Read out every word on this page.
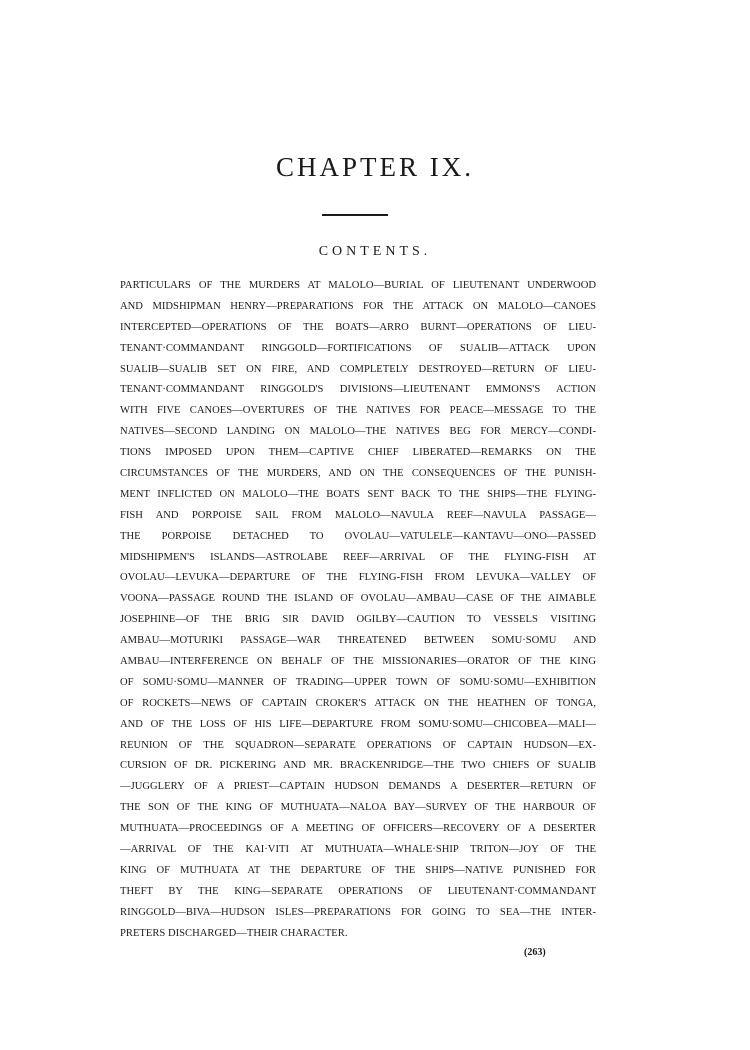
CHAPTER IX.
CONTENTS.
PARTICULARS OF THE MURDERS AT MALOLO—BURIAL OF LIEUTENANT UNDERWOOD
AND MIDSHIPMAN HENRY—PREPARATIONS FOR THE ATTACK ON MALOLO—CANOES
INTERCEPTED—OPERATIONS OF THE BOATS—ARRO BURNT—OPERATIONS OF LIEU-
TENANT·COMMANDANT RINGGOLD—FORTIFICATIONS OF SUALIB—ATTACK UPON
SUALIB—SUALIB SET ON FIRE, AND COMPLETELY DESTROYED—RETURN OF LIEU-
TENANT·COMMANDANT RINGGOLD'S DIVISIONS—LIEUTENANT EMMONS'S ACTION
WITH FIVE CANOES—OVERTURES OF THE NATIVES FOR PEACE—MESSAGE TO THE
NATIVES—SECOND LANDING ON MALOLO—THE NATIVES BEG FOR MERCY—CONDI-
TIONS IMPOSED UPON THEM—CAPTIVE CHIEF LIBERATED—REMARKS ON THE
CIRCUMSTANCES OF THE MURDERS, AND ON THE CONSEQUENCES OF THE PUNISH-
MENT INFLICTED ON MALOLO—THE BOATS SENT BACK TO THE SHIPS—THE FLYING-
FISH AND PORPOISE SAIL FROM MALOLO—NAVULA REEF—NAVULA PASSAGE—
THE PORPOISE DETACHED TO OVOLAU—VATULELE—KANTAVU—ONO—PASSED
MIDSHIPMEN'S ISLANDS—ASTROLABE REEF—ARRIVAL OF THE FLYING-FISH AT
OVOLAU—LEVUKA—DEPARTURE OF THE FLYING-FISH FROM LEVUKA—VALLEY OF
VOONA—PASSAGE ROUND THE ISLAND OF OVOLAU—AMBAU—CASE OF THE AIMABLE
JOSEPHINE—OF THE BRIG SIR DAVID OGILBY—CAUTION TO VESSELS VISITING
AMBAU—MOTURIKI PASSAGE—WAR THREATENED BETWEEN SOMU·SOMU AND
AMBAU—INTERFERENCE ON BEHALF OF THE MISSIONARIES—ORATOR OF THE KING
OF SOMU·SOMU—MANNER OF TRADING—UPPER TOWN OF SOMU·SOMU—EXHIBITION
OF ROCKETS—NEWS OF CAPTAIN CROKER'S ATTACK ON THE HEATHEN OF TONGA,
AND OF THE LOSS OF HIS LIFE—DEPARTURE FROM SOMU·SOMU—CHICOBEA—MALI—
REUNION OF THE SQUADRON—SEPARATE OPERATIONS OF CAPTAIN HUDSON—EX-
CURSION OF DR. PICKERING AND MR. BRACKENRIDGE—THE TWO CHIEFS OF SUALIB
—JUGGLERY OF A PRIEST—CAPTAIN HUDSON DEMANDS A DESERTER—RETURN OF
THE SON OF THE KING OF MUTHUATA—NALOA BAY—SURVEY OF THE HARBOUR OF
MUTHUATA—PROCEEDINGS OF A MEETING OF OFFICERS—RECOVERY OF A DESERTER
—ARRIVAL OF THE KAI·VITI AT MUTHUATA—WHALE·SHIP TRITON—JOY OF THE
KING OF MUTHUATA AT THE DEPARTURE OF THE SHIPS—NATIVE PUNISHED FOR
THEFT BY THE KING—SEPARATE OPERATIONS OF LIEUTENANT·COMMANDANT
RINGGOLD—BIVA—HUDSON ISLES—PREPARATIONS FOR GOING TO SEA—THE INTER-
PRETERS DISCHARGED—THEIR CHARACTER.
(263)
